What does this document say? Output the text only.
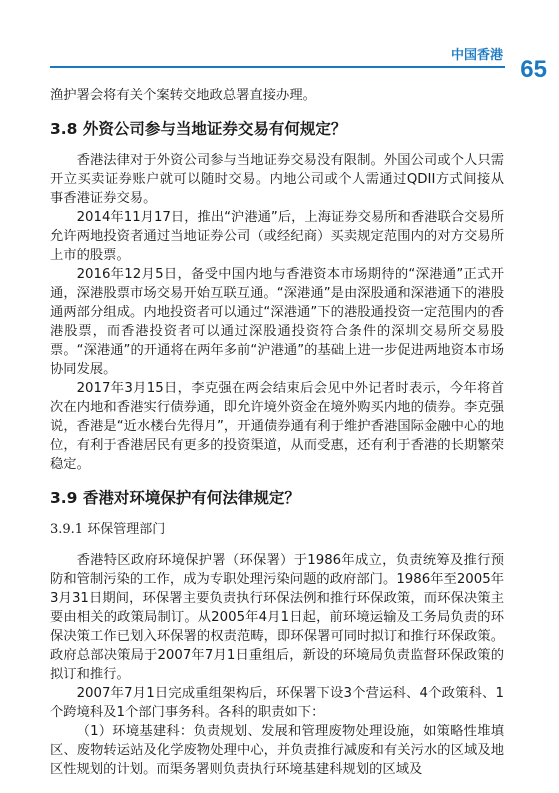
中国香港
65

渔护署会将有关个案转交地政总署直接办理。

3.8 外资公司参与当地证券交易有何规定？

香港法律对于外资公司参与当地证券交易没有限制。外国公司或个人只需开立买卖证券账户就可以随时交易。内地公司或个人需通过QDII方式间接从事香港证券交易。

2014年11月17日，推出“沪港通”后，上海证券交易所和香港联合交易所允许两地投资者通过当地证券公司（或经纪商）买卖规定范围内的对方交易所上市的股票。

2016年12月5日，备受中国内地与香港资本市场期待的“深港通”正式开通，深港股票市场交易开始互联互通。“深港通”是由深股通和深港通下的港股通两部分组成。内地投资者可以通过“深港通”下的港股通投资一定范围内的香港股票，而香港投资者可以通过深股通投资符合条件的深圳交易所交易股票。“深港通”的开通将在两年多前“沪港通”的基础上进一步促进两地资本市场协同发展。

2017年3月15日，李克强在两会结束后会见中外记者时表示，今年将首次在内地和香港实行债券通，即允许境外资金在境外购买内地的债券。李克强说，香港是“近水楼台先得月”，开通债券通有利于维护香港国际金融中心的地位，有利于香港居民有更多的投资渠道，从而受惠，还有利于香港的长期繁荣稳定。

3.9 香港对环境保护有何法律规定？
3.9.1 环保管理部门

香港特区政府环境保护署（环保署）于1986年成立，负责统筹及推行预防和管制污染的工作，成为专职处理污染问题的政府部门。1986年至2005年3月31日期间，环保署主要负责执行环保法例和推行环保政策，而环保决策主要由相关的政策局制订。从2005年4月1日起，前环境运输及工务局负责的环保决策工作已划入环保署的权责范畴，即环保署可同时拟订和推行环保政策。政府总部决策局于2007年7月1日重组后，新设的环境局负责监督环保政策的拟订和推行。

2007年7月1日完成重组架构后，环保署下设3个营运科、4个政策科、1个跨境科及1个部门事务科。各科的职责如下：

（1）环境基建科：负责规划、发展和管理废物处理设施，如策略性堆填区、废物转运站及化学废物处理中心，并负责推行减废和有关污水的区域及地区性规划的计划。而渠务署则负责执行环境基建科规划的区域及
